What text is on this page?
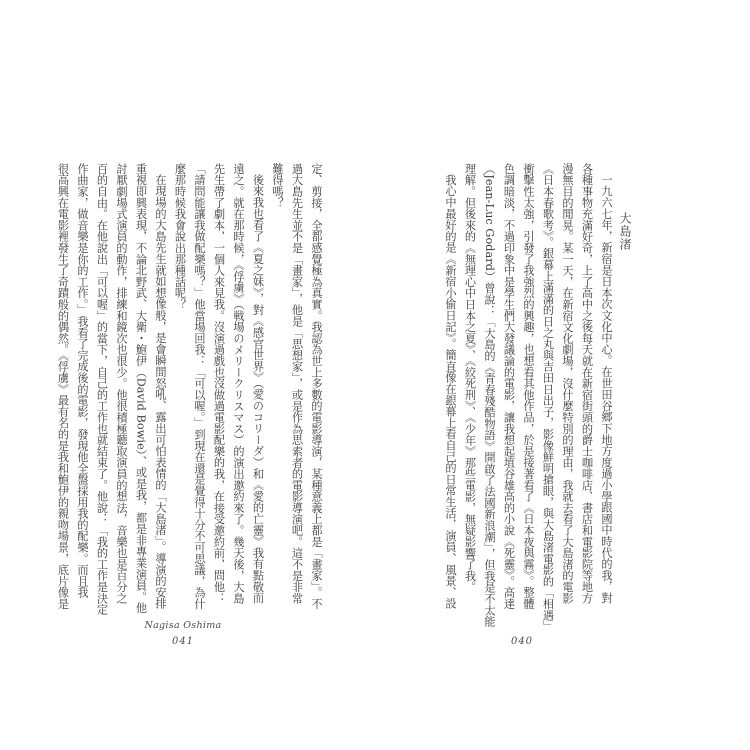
大島渚
一九六七年，新宿是日本次文化中心。在世田谷鄉下地方度過小學跟國中時代的我，對
各種事物充滿好奇，上了高中之後每天就在新宿街頭的爵士咖啡店、書店和電影院等地方
漫無目的閒晃。某一天，在新宿文化劇場，沒什麼特別的理由，我就去看了大島渚的電影
《日本春歌考》。銀幕上滿滿的日之丸與吉田日出子，影像鮮明搶眼，與大島渚電影的「相遇」
衝擊性太強，引發了我強烈的興趣，也想看其他作品，於是接著看了《日本夜與霧》。整體
色調暗淡，不過印象中是學生們大發議論的電影，讓我想起埴谷雄高的小說《死靈》。高達
（Jean-Luc Godard）曾說：「大島的《青春殘酷物語》開啟了法國新浪潮」，但我是不太能
理解。但後來的《無理心中日本之夏》、《絞死刑》、《少年》那些電影，無疑影響了我。
我心中最好的是《新宿小偷日記》。簡直像在銀幕上看自己的日常生活，演員、風景、設
040
定、剪接，全都感覺極為真實。我認為世上多數的電影導演，某種意義上都是「畫家」。不
過大島先生並不是「畫家」，他是「思想家」，或是作為思索者的電影導演吧。這不是非常
難得嗎？
後來我也看了《夏之妹》，對《感官世界》（愛のコリーダ）和《愛的亡靈》我有點敬而
遠之。就在那時候，《俘虜》（戦場のメリークリスマス）的演出邀約來了。幾天後，大島
先生帶了劇本，一個人來見我。沒演過戲也沒做過電影配樂的我，在接受邀約前，問他：
「請問能讓我做配樂嗎？」他當場回我：「可以喔。」到現在還是覺得十分不可思議，為什
麼那時候我會說出那種話呢？
在現場的大島先生就如想像般，是會瞬間怒吼、露出可怕表情的「大島渚」。導演的安排
重視即興表現，不論北野武、大衛・鮑伊（David Bowie）、或是我，都是非專業演員。他
討厭劇場式演員的動作，排練和鏡次也很少。他很積極聽取演員的想法，音樂也是百分之
百的自由。在他說出「可以喔」的當下，自己的工作也就結束了。他說：「我的工作是決定
作曲家，做音樂是你的工作。」我看了完成後的電影，發現他全盤採用我的配樂。而且我
很高興在電影裡發生了奇蹟般的偶然。《俘虜》最有名的是我和鮑伊的親吻場景，底片像是
Nagisa Oshima
041
